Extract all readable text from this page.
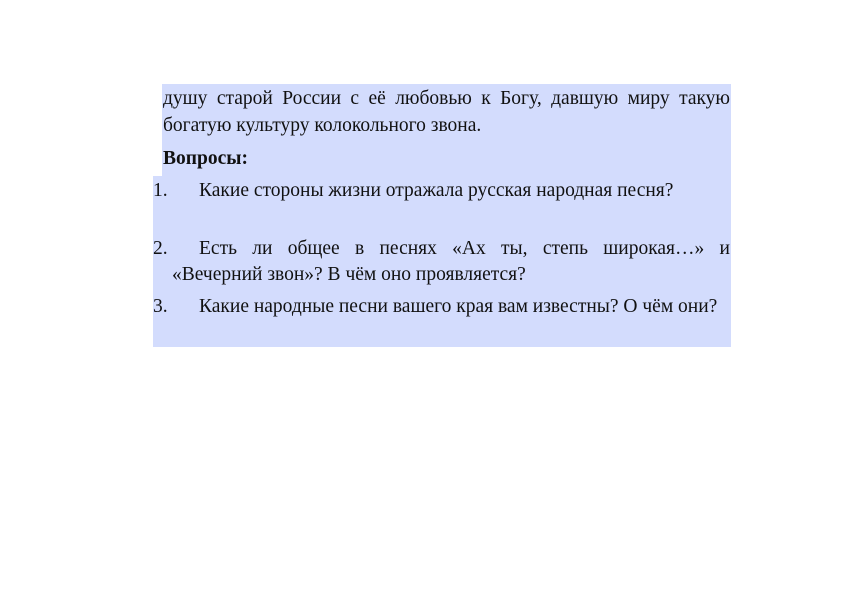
душу старой России с её любовью к Богу, давшую миру такую богатую культуру колокольного звона.

Вопросы:

1.	Какие стороны жизни отражала русская народная песня?
2.	Есть ли общее в песнях «Ах ты, степь широкая…» и «Вечерний звон»? В чём оно проявляется?
3.	Какие народные песни вашего края вам известны? О чём они?
